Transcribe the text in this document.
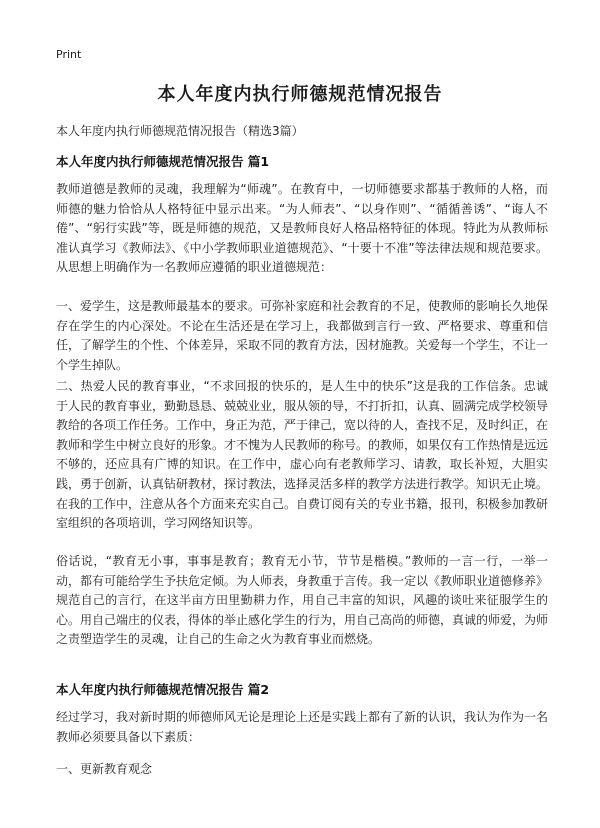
Print
本人年度内执行师德规范情况报告
本人年度内执行师德规范情况报告（精选3篇）
本人年度内执行师德规范情况报告 篇1
教师道德是教师的灵魂，我理解为“师魂”。在教育中，一切师德要求都基于教师的人格，而师德的魅力恰恰从人格特征中显示出来。“为人师表”、“以身作则”、“循循善诱”、“诲人不倦”、“躬行实践”等，既是师德的规范，又是教师良好人格品格特征的体现。特此为从教师标准认真学习《教师法》、《中小学教师职业道德规范》、“十要十不准”等法律法规和规范要求。从思想上明确作为一名教师应遵循的职业道德规范：
一、爱学生，这是教师最基本的要求。可弥补家庭和社会教育的不足，使教师的影响长久地保存在学生的内心深处。不论在生活还是在学习上，我都做到言行一致、严格要求、尊重和信任，了解学生的个性、个体差异，采取不同的教育方法，因材施教。关爱每一个学生，不让一个学生掉队。
二、热爱人民的教育事业，“不求回报的快乐的，是人生中的快乐”这是我的工作信条。忠诚于人民的教育事业，勤勤恳恳、兢兢业业，服从领的导，不打折扣，认真、圆满完成学校领导教给的各项工作任务。工作中，身正为范，严于律己，宽以待的人，查找不足，及时纠正，在教师和学生中树立良好的形象。才不愧为人民教师的称号。的教师，如果仅有工作热情是远远不够的，还应具有广博的知识。在工作中，虚心向有老教师学习、请教，取长补短，大胆实践，勇于创新，认真钻研教材，探讨教法，选择灵活多样的教学方法进行教学。知识无止境。在我的工作中，注意从各个方面来充实自己。自费订阅有关的专业书籍，报刊，积极参加教研室组织的各项培训，学习网络知识等。
俗话说，“教育无小事，事事是教育；教育无小节，节节是楷模。”教师的一言一行，一举一动，都有可能给学生予扶危定倾。为人师表，身教重于言传。我一定以《教师职业道德修养》规范自己的言行，在这半亩方田里勤耕力作，用自己丰富的知识，风趣的谈吐来征服学生的心。用自己端庄的仪表，得体的举止感化学生的行为，用自己高尚的师德，真诚的师爱，为师之责塑造学生的灵魂，让自己的生命之火为教育事业而燃烧。
本人年度内执行师德规范情况报告 篇2
经过学习，我对新时期的师德师风无论是理论上还是实践上都有了新的认识，我认为作为一名教师必须要具备以下素质：
一、更新教育观念
